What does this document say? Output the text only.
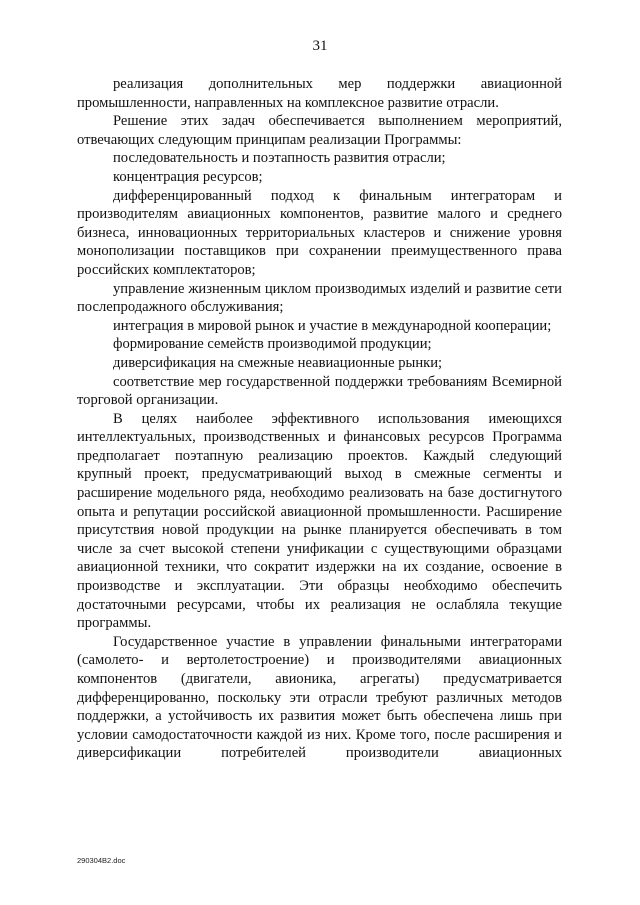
31

реализация дополнительных мер поддержки авиационной промышленности, направленных на комплексное развитие отрасли.

Решение этих задач обеспечивается выполнением мероприятий, отвечающих следующим принципам реализации Программы:

последовательность и поэтапность развития отрасли;

концентрация ресурсов;

дифференцированный подход к финальным интеграторам и производителям авиационных компонентов, развитие малого и среднего бизнеса, инновационных территориальных кластеров и снижение уровня монополизации поставщиков при сохранении преимущественного права российских комплектаторов;

управление жизненным циклом производимых изделий и развитие сети послепродажного обслуживания;

интеграция в мировой рынок и участие в международной кооперации;

формирование семейств производимой продукции;

диверсификация на смежные неавиационные рынки;

соответствие мер государственной поддержки требованиям Всемирной торговой организации.

В целях наиболее эффективного использования имеющихся интеллектуальных, производственных и финансовых ресурсов Программа предполагает поэтапную реализацию проектов. Каждый следующий крупный проект, предусматривающий выход в смежные сегменты и расширение модельного ряда, необходимо реализовать на базе достигнутого опыта и репутации российской авиационной промышленности. Расширение присутствия новой продукции на рынке планируется обеспечивать в том числе за счет высокой степени унификации с существующими образцами авиационной техники, что сократит издержки на их создание, освоение в производстве и эксплуатации. Эти образцы необходимо обеспечить достаточными ресурсами, чтобы их реализация не ослабляла текущие программы.

Государственное участие в управлении финальными интеграторами (самолето- и вертолетостроение) и производителями авиационных компонентов (двигатели, авионика, агрегаты) предусматривается дифференцированно, поскольку эти отрасли требуют различных методов поддержки, а устойчивость их развития может быть обеспечена лишь при условии самодостаточности каждой из них. Кроме того, после расширения и диверсификации потребителей производители авиационных

290304B2.doc
